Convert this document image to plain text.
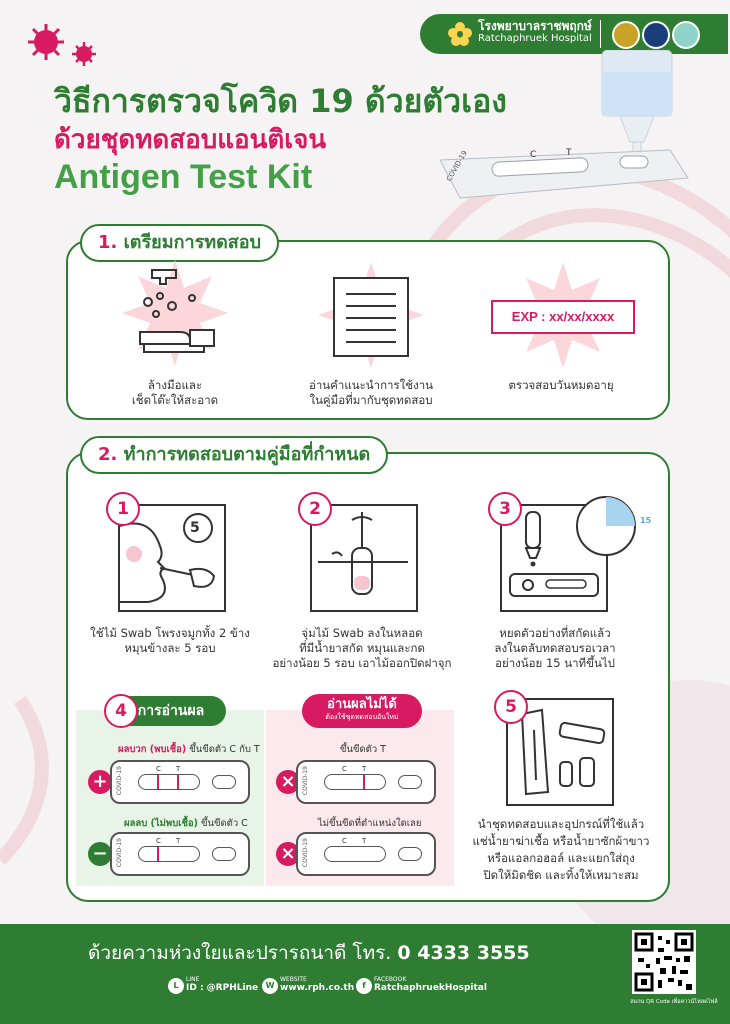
โรงพยาบาลราชพฤกษ์
Ratchaphruek Hospital
วิธีการตรวจโควิด 19 ด้วยตัวเอง
ด้วยชุดทดสอบแอนติเจน
Antigen Test Kit	COVID-19	C	T
1. เตรียมการทดสอบ
ล้างมือและ
เช็ดโต๊ะให้สะอาด
อ่านคำแนะนำการใช้งาน
ในคู่มือที่มากับชุดทดสอบ
EXP : xx/xx/xxxx
ตรวจสอบวันหมดอายุ
2. ทำการทดสอบตามคู่มือที่กำหนด
5
1
ใช้ไม้ Swab โพรงจมูกทั้ง 2 ข้าง
หมุนข้างละ 5 รอบ
2
จุ่มไม้ Swab ลงในหลอด
ที่มีน้ำยาสกัด หมุนและกด
อย่างน้อย 5 รอบ เอาไม้ออกปิดฝาจุก
15
3
หยดตัวอย่างที่สกัดแล้ว
ลงในตลับทดสอบรอเวลา
อย่างน้อย 15 นาทีขึ้นไป
การอ่านผล
4	อ่านผลไม่ได้
ต้องใช้ชุดทดสอบอันใหม่
ผลบวก (พบเชื้อ) ขึ้นขีดตัว C กับ T
+	COVID-19	C T
ผลลบ (ไม่พบเชื้อ) ขึ้นขีดตัว C
−	COVID-19	C T
ขึ้นขีดตัว T
×	COVID-19	C T
ไม่ขึ้นขีดที่ตำแหน่งใดเลย
×	COVID-19	C T
5
นำชุดทดสอบและอุปกรณ์ที่ใช้แล้ว
แช่น้ำยาฆ่าเชื้อ หรือน้ำยาซักผ้าขาว
หรือแอลกอฮอล์ และแยกใส่ถุง
ปิดให้มิดชิด และทิ้งให้เหมาะสม
ด้วยความห่วงใยและปรารถนาดี โทร. 0 4333 3555
L
LINE
ID : @RPHLine W
WEBSITE
www.rph.co.th	f
FACEBOOK
RatchaphruekHospital
สแกน QR Code เพื่อดาวน์โหลดไฟล์
